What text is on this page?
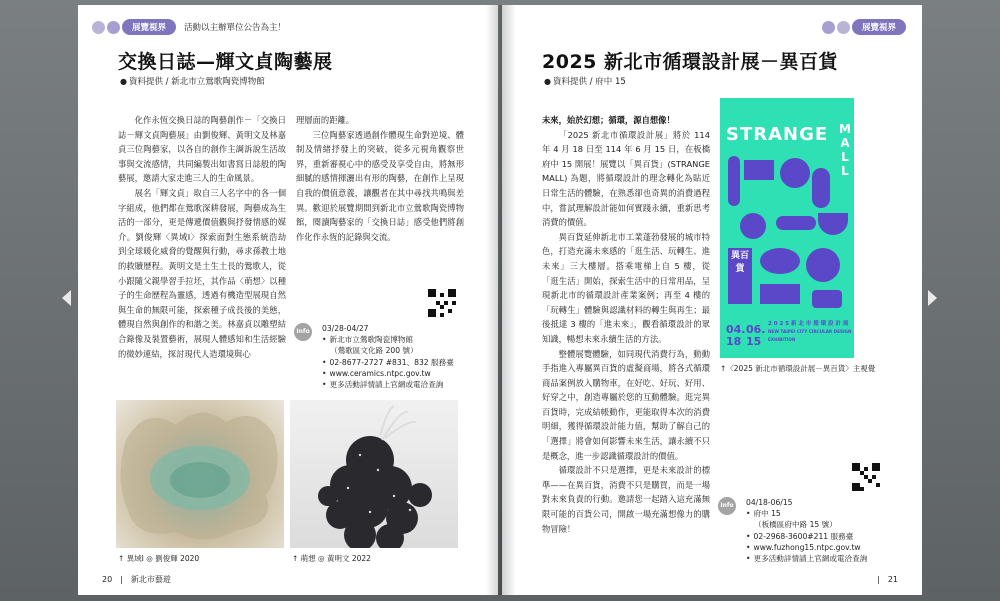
展覽視界	活動以主辦單位公告為主！
交換日誌—輝文貞陶藝展
● 資料提供 / 新北市立鶯歌陶瓷博物館

化作永恆交換日誌的陶藝創作－「交換日誌－輝文貞陶藝展」由劉俊輝、黃明文及林嘉貞三位陶藝家，以各自的創作主調訴說生活故事與交流感情，共同編製出如書寫日誌般的陶藝展，邀請大家走進三人的生命風景。

展名「輝文貞」取自三人名字中的各一個字組成，他們都在鶯歌深耕發展，陶藝成為生活的一部分，更是傳遞價值觀與抒發情感的媒介。劉俊輝〈異域Ⅰ〉探索面對生態系統浩劫到全球暖化威脅的覺醒與行動，尋求孫教土地的救贖歷程。黃明文是土生土長的鶯歌人，從小跟隨父親學習手拉坯，其作品〈萌想〉以種子的生命歷程為靈感，透過有機造型展現自然與生命的無限可能，探索種子成長後的美態，體現自然與創作的和諧之美。林嘉貞以雕塑結合錄像及裝置藝術，展現人體感知和生活經驗的微妙連結，探討現代人造環境與心

理層面的距離。

三位陶藝家透過創作體現生命對逆境、體制及情緒抒發上的突破，從多元視角觀察世界，重新審視心中的感受及享受自由，將無形細膩的感情揮灑出有形的陶藝，在創作上呈現自我的價值意義，讓觀者在其中尋找共鳴與差異。歡迎於展覽期間到新北市立鶯歌陶瓷博物館，閱讀陶藝家的「交換日誌」感受他們將創作化作永恆的記錄與交流。

Info	03/28-04/27
• 新北市立鶯歌陶瓷博物館
（鶯歌區文化路 200 號）
• 02-8677-2727 #831、832 服務臺
• www.ceramics.ntpc.gov.tw
• 更多活動詳情請上官網或電洽查詢
↑ 異域Ⅰ ◎ 劉俊輝 2020	↑ 萌想 ◎ 黃明文 2022
20　|　新北市藝遊
展覽視界
2025 新北市循環設計展－異百貨
● 資料提供 / 府中 15

未來，始於幻想；循環，源自想像！

「2025 新北市循環設計展」將於 114 年 4 月 18 日至 114 年 6 月 15 日，在板橋府中 15 開展！展覽以「異百貨」(STRANGE MALL) 為題，將循環設計的理念轉化為貼近日常生活的體驗，在熟悉卻也奇異的消費過程中，嘗試理解設計能如何實踐永續，重新思考消費的價值。

異百貨延伸新北市工業蓬勃發展的城市特色，打造充滿未來感的「逛生活、玩轉生、進未來」三大樓層。搭乘電梯上自 5 樓，從「逛生活」開始，探索生活中的日常用品，呈現新北市的循環設計產業案例；再至 4 樓的「玩轉生」體驗與認識材料的轉生與再生；最後抵達 3 樓的「進未來」，觀看循環設計的眾知識，暢想未來永續生活的方法。

整體展覽體驗，如同現代消費行為，動動手指進入專屬異百貨的虛擬商場，將各式循環商品案例放入購物車，在好吃、好玩、好用、好穿之中，創造專屬於您的互動體驗。逛完異百貨時，完成結帳動作，更能取得本次的消費明細，獲得循環設計能力值，幫助了解自己的「選擇」將會如何影響未來生活，讓永續不只是概念，進一步認識循環設計的價值。

循環設計不只是選擇，更是未來設計的標準——在異百貨，消費不只是購買，而是一場對未來負責的行動。邀請您一起踏入這充滿無限可能的百貨公司，開啟一場充滿想像力的購物冒險！

STRANGE MALL
異百貨
04.
18
06.
15
2 0 2 5 新 北 市 循 環 設 計 展
NEW TAIPEI CITY CIRCULAR DESIGN EXHIBITION
↑〈2025 新北市循環設計展－異百貨〉主視覺
Info	04/18-06/15
• 府中 15
（板橋區府中路 15 號）
• 02-2968-3600#211 服務臺
• www.fuzhong15.ntpc.gov.tw
• 更多活動詳情請上官網或電洽查詢
|　21
